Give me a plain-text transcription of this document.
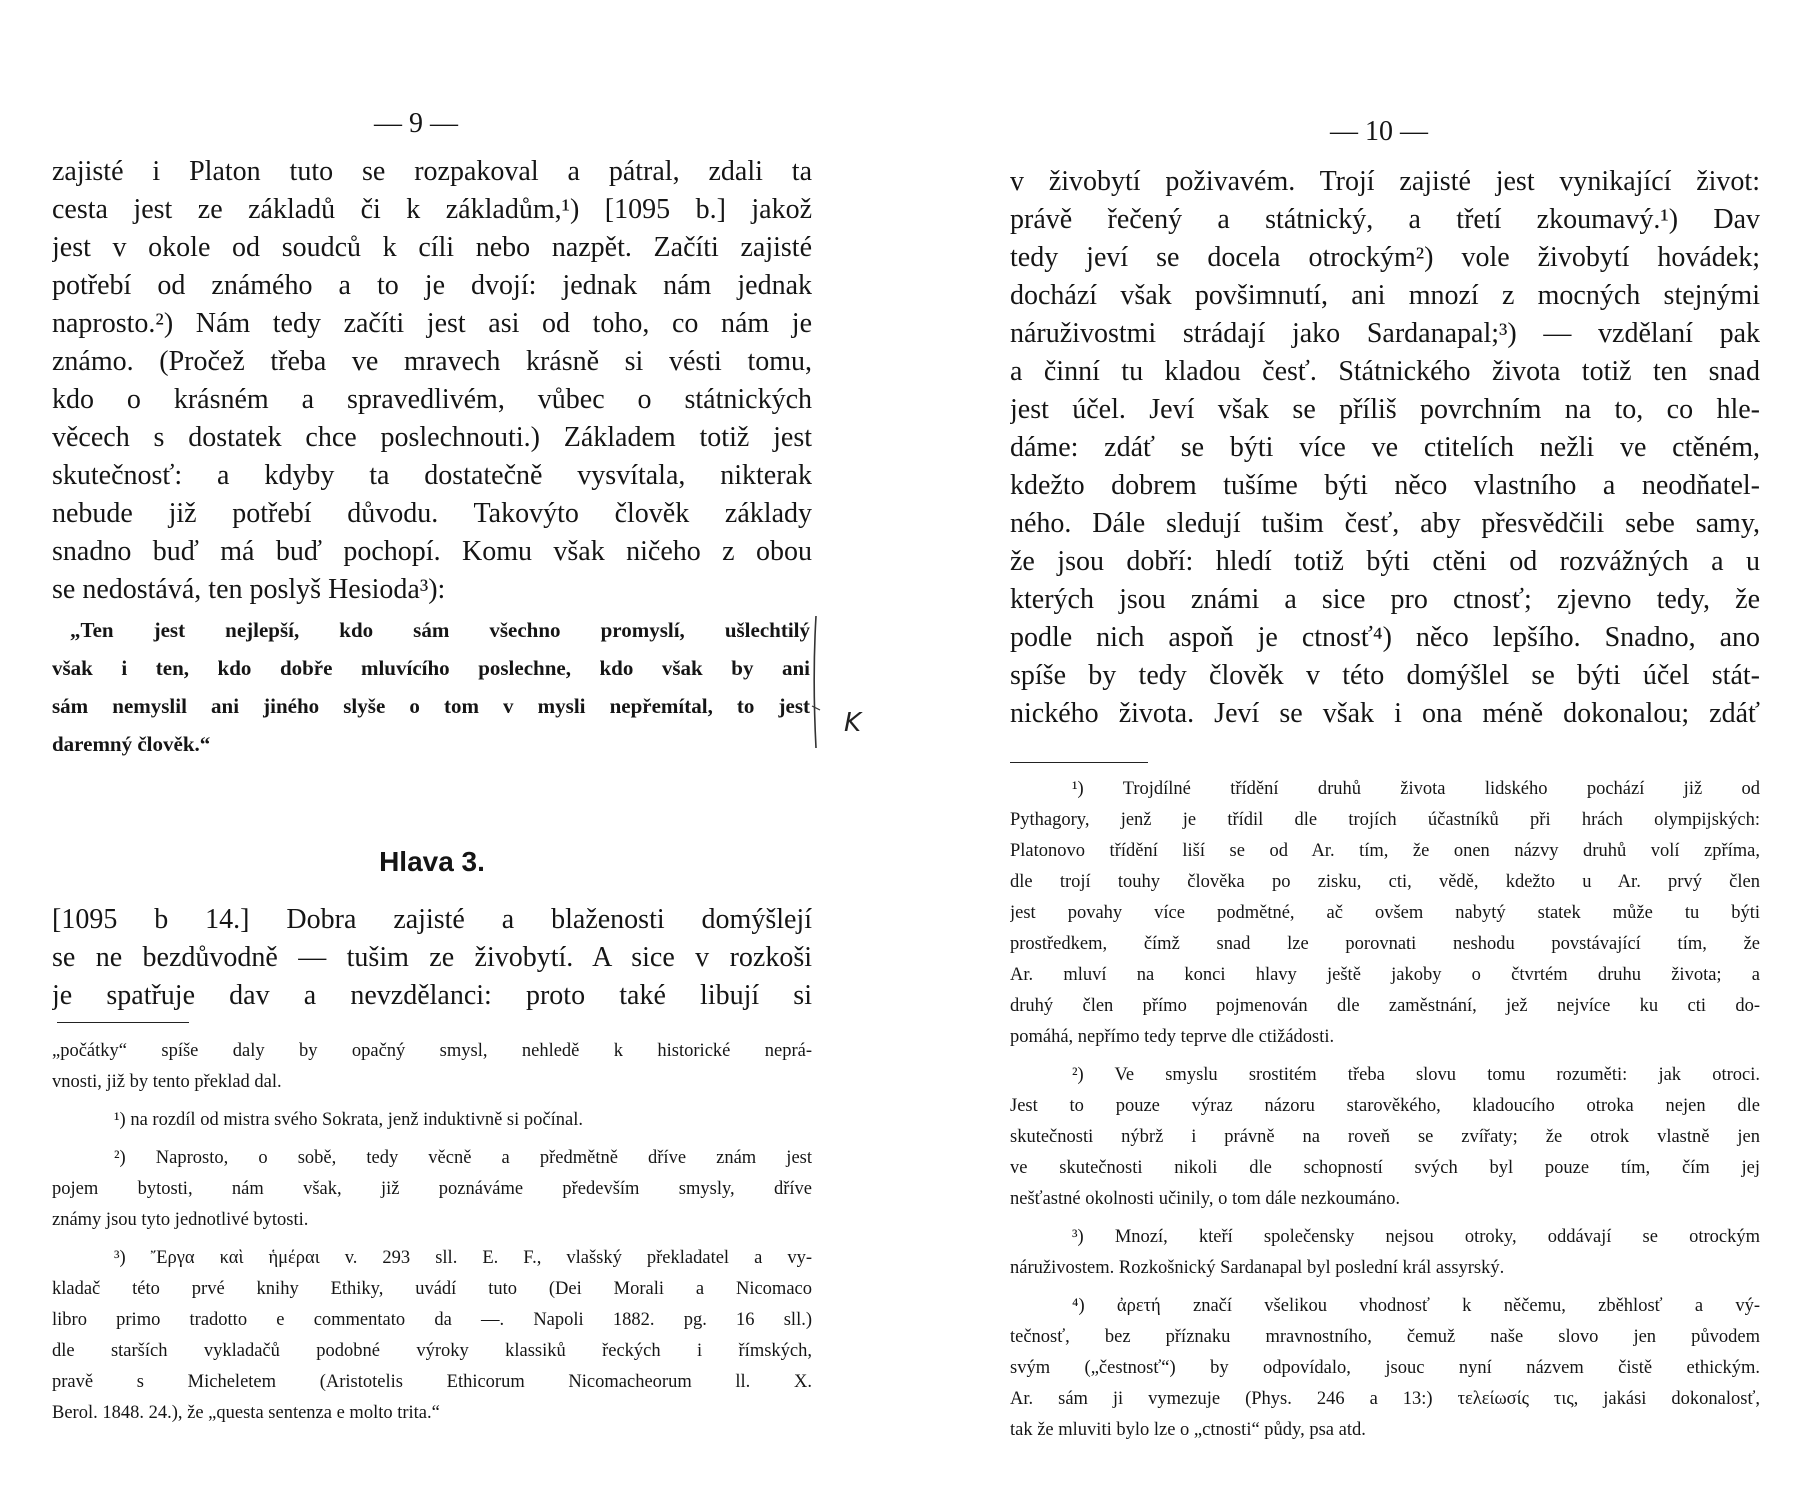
— 9 —
zajisté i Platon tuto se rozpakoval a pátral, zdali ta
cesta jest ze základů či k základům,¹) [1095 b.] jakož
jest v okole od soudců k cíli nebo nazpět. Začíti zajisté
potřebí od známého a to je dvojí: jednak nám jednak
naprosto.²) Nám tedy začíti jest asi od toho, co nám je
známo. (Pročež třeba ve mravech krásně si vésti tomu,
kdo o krásném a spravedlivém, vůbec o státnických
věcech s dostatek chce poslechnouti.) Základem totiž jest
skutečnosť: a kdyby ta dostatečně vysvítala, nikterak
nebude již potřebí důvodu. Takovýto člověk základy
snadno buď má buď pochopí. Komu však ničeho z obou
se nedostává, ten poslyš Hesioda³):
„Ten jest nejlepší, kdo sám všechno promyslí, ušlechtilý
však i ten, kdo dobře mluvícího poslechne, kdo však by ani
sám nemyslil ani jiného slyše o tom v mysli nepřemítal, to jest
daremný člověk.“
K
Hlava 3.
[1095 b 14.] Dobra zajisté a blaženosti domýšlejí
se ne bezdůvodně — tušim ze živobytí. A sice v rozkoši
je spatřuje dav a nevzdělanci: proto také libují si
„počátky“ spíše daly by opačný smysl, nehledě k historické neprá-
vnosti, již by tento překlad dal.
¹) na rozdíl od mistra svého Sokrata, jenž induktivně si počínal.
²) Naprosto, o sobě, tedy věcně a předmětně dříve znám jest
pojem bytosti, nám však, již poznáváme především smysly, dříve
známy jsou tyto jednotlivé bytosti.
³) Ἔργα καὶ ἡμέραι v. 293 sll. E. F., vlašský překladatel a vy-
kladač této prvé knihy Ethiky, uvádí tuto (Dei Morali a Nicomaco
libro primo tradotto e commentato da —. Napoli 1882. pg. 16 sll.)
dle starších vykladačů podobné výroky klassiků řeckých i římských,
pravě s Micheletem (Aristotelis Ethicorum Nicomacheorum ll. X.
Berol. 1848. 24.), že „questa sentenza e molto trita.“
— 10 —
v živobytí poživavém. Trojí zajisté jest vynikající život:
právě řečený a státnický, a třetí zkoumavý.¹) Dav
tedy jeví se docela otrockým²) vole živobytí hovádek;
dochází však povšimnutí, ani mnozí z mocných stejnými
náruživostmi strádají jako Sardanapal;³) — vzdělaní pak
a činní tu kladou česť. Státnického života totiž ten snad
jest účel. Jeví však se příliš povrchním na to, co hle-
dáme: zdáť se býti více ve ctitelích nežli ve ctěném,
kdežto dobrem tušíme býti něco vlastního a neodňatel-
ného. Dále sledují tušim česť, aby přesvědčili sebe samy,
že jsou dobří: hledí totiž býti ctěni od rozvážných a u
kterých jsou známi a sice pro ctnosť; zjevno tedy, že
podle nich aspoň je ctnosť⁴) něco lepšího. Snadno, ano
spíše by tedy člověk v této domýšlel se býti účel stát-
nického života. Jeví se však i ona méně dokonalou; zdáť
¹) Trojdílné třídění druhů života lidského pochází již od
Pythagory, jenž je třídil dle trojích účastníků při hrách olympijských:
Platonovo třídění liší se od Ar. tím, že onen názvy druhů volí zpříma,
dle trojí touhy člověka po zisku, cti, vědě, kdežto u Ar. prvý člen
jest povahy více podmětné, ač ovšem nabytý statek může tu býti
prostředkem, čímž snad lze porovnati neshodu povstávající tím, že
Ar. mluví na konci hlavy ještě jakoby o čtvrtém druhu života; a
druhý člen přímo pojmenován dle zaměstnání, jež nejvíce ku cti do-
pomáhá, nepřímo tedy teprve dle ctižádosti.
²) Ve smyslu srostitém třeba slovu tomu rozuměti: jak otroci.
Jest to pouze výraz názoru starověkého, kladoucího otroka nejen dle
skutečnosti nýbrž i právně na roveň se zvířaty; že otrok vlastně jen
ve skutečnosti nikoli dle schopností svých byl pouze tím, čím jej
nešťastné okolnosti učinily, o tom dále nezkoumáno.
³) Mnozí, kteří společensky nejsou otroky, oddávají se otrockým
náruživostem. Rozkošnický Sardanapal byl poslední král assyrský.
⁴) ἀρετή značí všelikou vhodnosť k něčemu, zběhlosť a vý-
tečnosť, bez příznaku mravnostního, čemuž naše slovo jen původem
svým („čestnosť“) by odpovídalo, jsouc nyní názvem čistě ethickým.
Ar. sám ji vymezuje (Phys. 246 a 13:) τελείωσίς τις, jakási dokonalosť,
tak že mluviti bylo lze o „ctnosti“ půdy, psa atd.
